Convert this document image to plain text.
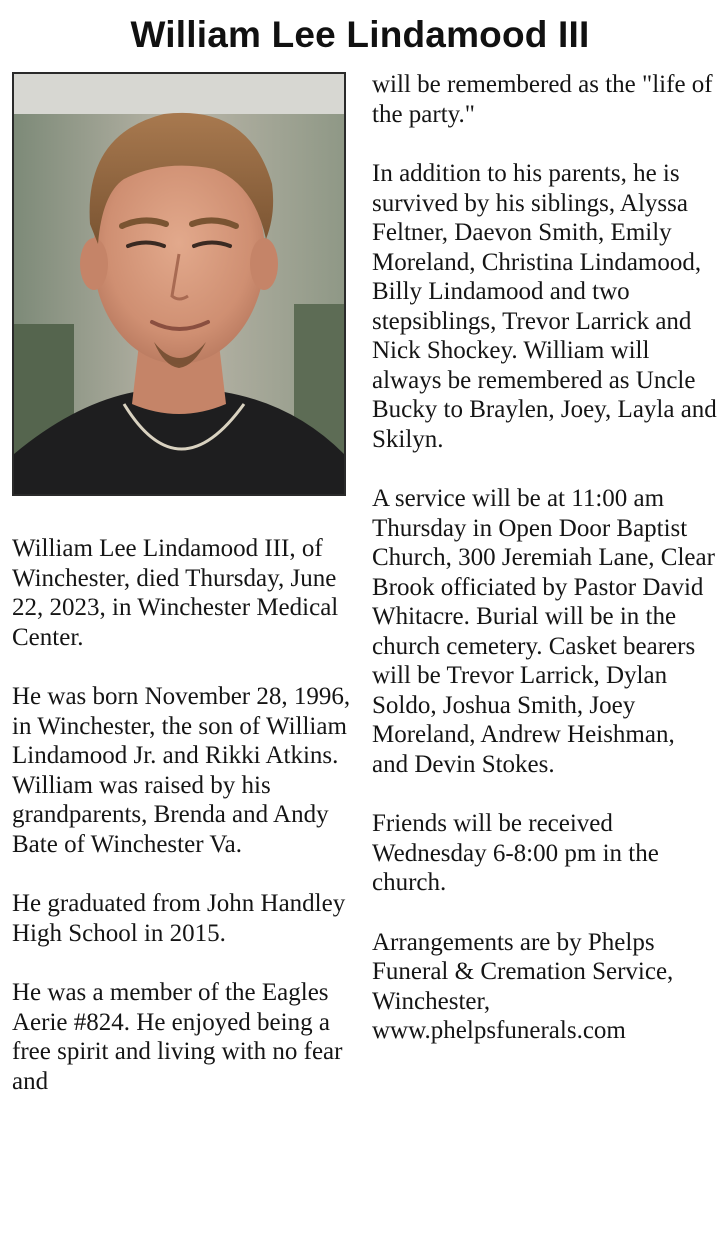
William Lee Lindamood III

William Lee Lindamood III, of Winchester, died Thursday, June 22, 2023, in Winchester Medical Center.

He was born November 28, 1996, in Winchester, the son of William Lindamood Jr. and Rikki Atkins. William was raised by his grandparents, Brenda and Andy Bate of Winchester Va.

He graduated from John Handley High School in 2015.

He was a member of the Eagles Aerie #824. He enjoyed being a free spirit and living with no fear and

will be remembered as the "life of the party."

In addition to his parents, he is survived by his siblings, Alyssa Feltner, Daevon Smith, Emily Moreland, Christina Lindamood, Billy Lindamood and two stepsiblings, Trevor Larrick and Nick Shockey. William will always be remembered as Uncle Bucky to Braylen, Joey, Layla and Skilyn.

A service will be at 11:00 am Thursday in Open Door Baptist Church, 300 Jeremiah Lane, Clear Brook officiated by Pastor David Whitacre. Burial will be in the church cemetery. Casket bearers will be Trevor Larrick, Dylan Soldo, Joshua Smith, Joey Moreland, Andrew Heishman, and Devin Stokes.

Friends will be received Wednesday 6-8:00 pm in the church.

Arrangements are by Phelps Funeral & Cremation Service, Winchester, www.phelpsfunerals.com
